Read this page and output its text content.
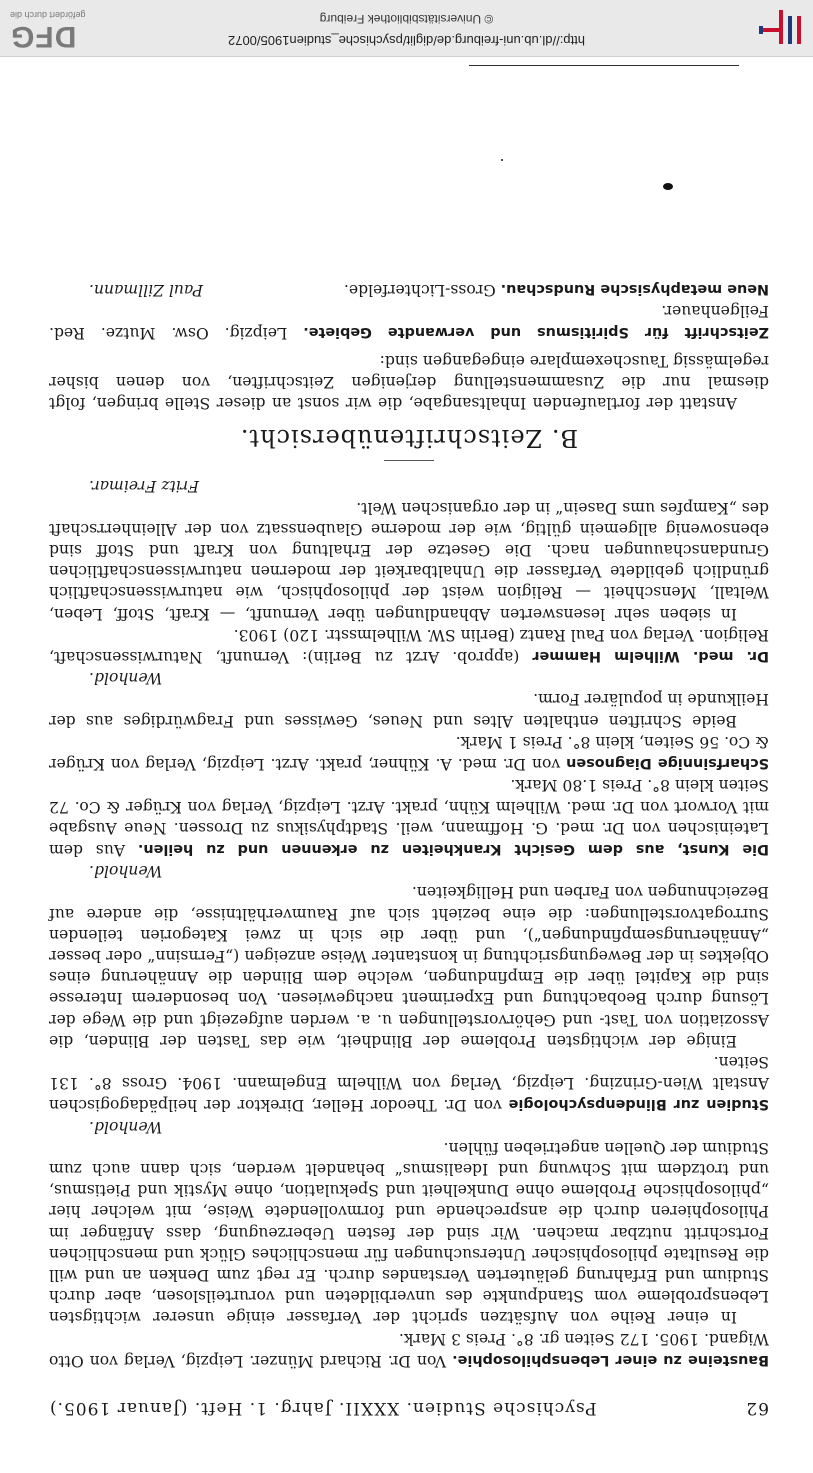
62
Psychische Studien. XXXII. Jahrg. 1. Heft. (Januar 1905.)

Bausteine zu einer Lebensphilosophie. Von Dr. Richard Münzer. Leipzig, Verlag von Otto Wigand. 1905. 172 Seiten gr. 8°. Preis 3 Mark.

In einer Reihe von Aufsätzen spricht der Verfasser einige unserer wichtigsten Lebensprobleme vom Standpunkte des unverbildeten und vorurteilslosen, aber durch Studium und Erfahrung geläuterten Verstandes durch. Er regt zum Denken an und will die Resultate philosophischer Untersuchungen für menschliches Glück und menschlichen Fortschritt nutzbar machen. Wir sind der festen Ueberzeugung, dass Anfänger im Philosophieren durch die ansprechende und formvollendete Weise, mit welcher hier „philosophische Probleme ohne Dunkelheit und Spekulation, ohne Mystik und Pietismus, und trotzdem mit Schwung und Idealismus“ behandelt werden, sich dann auch zum Studium der Quellen angetrieben fühlen.

Wenhold.

Studien zur Blindenpsychologie von Dr. Theodor Heller, Direktor der heilpädagogischen Anstalt Wien-Grinzing. Leipzig, Verlag von Wilhelm Engelmann. 1904. Gross 8°. 131 Seiten.

Einige der wichtigsten Probleme der Blindheit, wie das Tasten der Blinden, die Assoziation von Tast- und Gehörvorstellungen u. a. werden aufgezeigt und die Wege der Lösung durch Beobachtung und Experiment nachgewiesen. Von besonderem Interesse sind die Kapitel über die Empfindungen, welche dem Blinden die Annäherung eines Objektes in der Bewegungsrichtung in konstanter Weise anzeigen („Fernsinn“ oder besser „Annäherungsempfindungen“), und über die sich in zwei Kategorien teilenden Surrogatvorstellungen: die eine bezieht sich auf Raumverhältnisse, die andere auf Bezeichnungen von Farben und Helligkeiten.

Wenhold.

Die Kunst, aus dem Gesicht Krankheiten zu erkennen und zu heilen. Aus dem Lateinischen von Dr. med. G. Hoffmann, weil. Stadtphysikus zu Drossen. Neue Ausgabe mit Vorwort von Dr. med. Wilhelm Kühn, prakt. Arzt. Leipzig, Verlag von Krüger & Co. 72 Seiten klein 8°. Preis 1.80 Mark.

Scharfsinnige Diagnosen von Dr. med. A. Kühner, prakt. Arzt. Leipzig, Verlag von Krüger & Co. 56 Seiten, klein 8°. Preis 1 Mark.

Beide Schriften enthalten Altes und Neues, Gewisses und Fragwürdiges aus der Heilkunde in populärer Form.

Wenhold.

Dr. med. Wilhelm Hammer (approb. Arzt zu Berlin): Vernunft, Naturwissenschaft, Religion. Verlag von Paul Rantz (Berlin SW. Wilhelmsstr. 120) 1903.

In sieben sehr lesenswerten Abhandlungen über Vernunft, — Kraft, Stoff, Leben, Weltall, Menschheit — Religion weist der philosophisch, wie naturwissenschaftlich gründlich gebildete Verfasser die Unhaltbarkeit der modernen naturwissenschaftlichen Grundanschauungen nach. Die Gesetze der Erhaltung von Kraft und Stoff sind ebensowenig allgemein gültig, wie der moderne Glaubenssatz von der Alleinherrschaft des „Kampfes ums Dasein“ in der organischen Welt.

Fritz Freimar.
B. Zeitschriftenübersicht.

Anstatt der fortlaufenden Inhaltsangabe, die wir sonst an dieser Stelle bringen, folgt diesmal nur die Zusammenstellung derjenigen Zeitschriften, von denen bisher regelmässig Tauschexemplare eingegangen sind:

Zeitschrift für Spiritismus und verwandte Gebiete. Leipzig. Osw. Mutze. Red. Feilgenhauer.

Neue metaphysische Rundschau. Gross-Lichterfelde.
Paul Zillmann.

http://dl.ub.uni-freiburg.de/diglit/psychische_studien1905/0072
© Universitätsbibliothek Freiburg
DFG
gefördert durch die
